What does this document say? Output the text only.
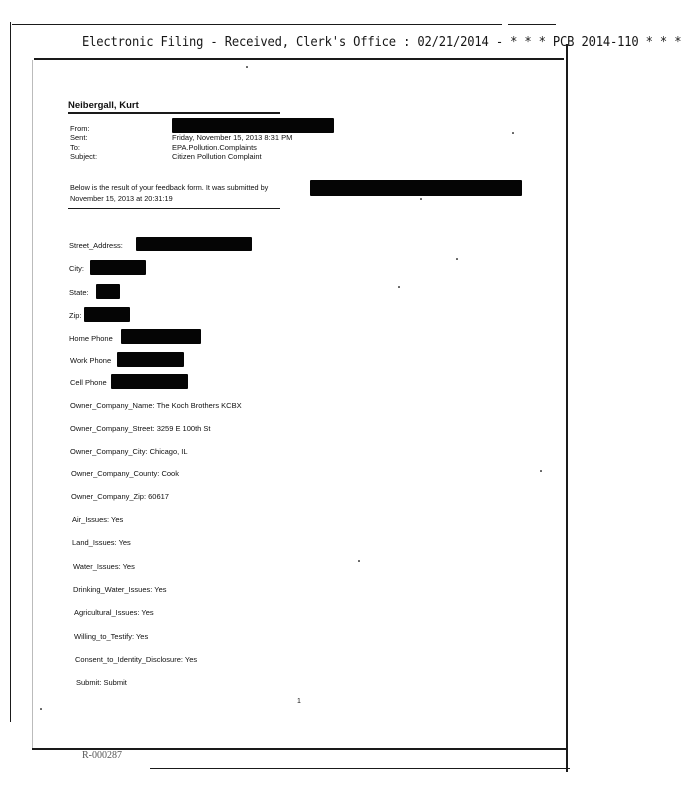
Electronic Filing - Received, Clerk's Office : 02/21/2014 - * * * PCB 2014-110 * * *
Neibergall, Kurt
From:
Sent:	Friday, November 15, 2013 8:31 PM
To:	EPA.Pollution.Complaints
Subject:	Citizen Pollution Complaint
Below is the result of your feedback form. It was submitted by
November 15, 2013 at 20:31:19
Street_Address:
City:
State:
Zip:
Home Phone
Work Phone
Cell Phone
Owner_Company_Name: The Koch Brothers KCBX
Owner_Company_Street: 3259 E 100th St
Owner_Company_City: Chicago, IL
Owner_Company_County: Cook
Owner_Company_Zip: 60617
Air_Issues: Yes
Land_Issues: Yes
Water_Issues: Yes
Drinking_Water_Issues: Yes
Agricultural_Issues: Yes
Willing_to_Testify: Yes
Consent_to_Identity_Disclosure: Yes
Submit: Submit
1
R-000287
